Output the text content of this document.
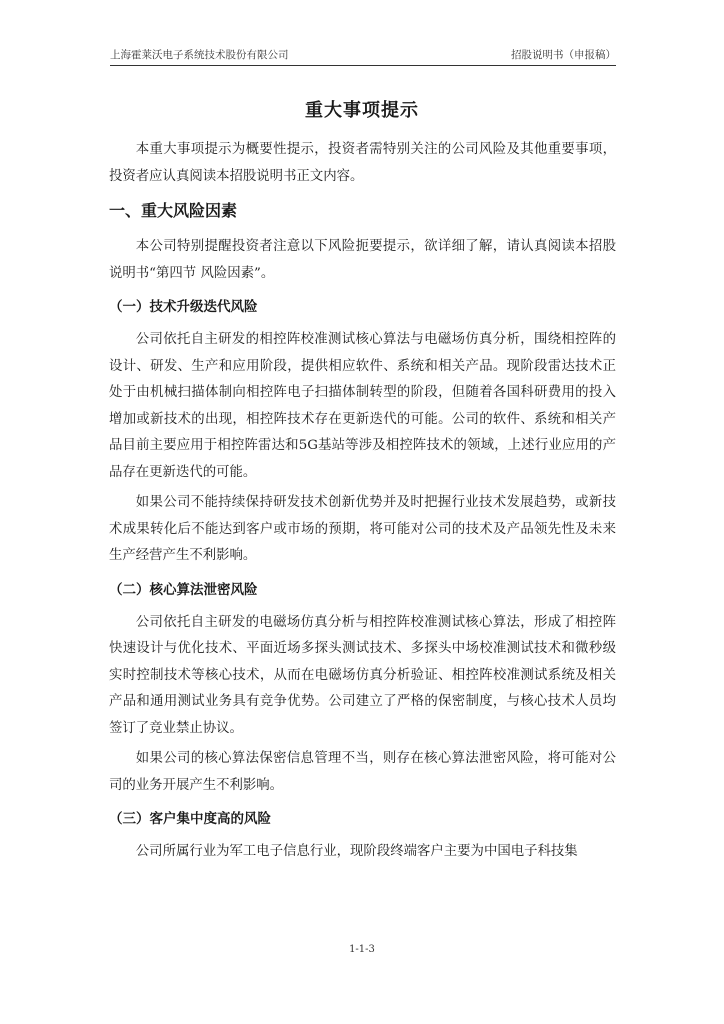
上海霍莱沃电子系统技术股份有限公司	招股说明书（申报稿）
重大事项提示

本重大事项提示为概要性提示，投资者需特别关注的公司风险及其他重要事项，投资者应认真阅读本招股说明书正文内容。

一、重大风险因素

本公司特别提醒投资者注意以下风险扼要提示，欲详细了解，请认真阅读本招股说明书“第四节 风险因素”。

（一）技术升级迭代风险

公司依托自主研发的相控阵校准测试核心算法与电磁场仿真分析，围绕相控阵的设计、研发、生产和应用阶段，提供相应软件、系统和相关产品。现阶段雷达技术正处于由机械扫描体制向相控阵电子扫描体制转型的阶段，但随着各国科研费用的投入增加或新技术的出现，相控阵技术存在更新迭代的可能。公司的软件、系统和相关产品目前主要应用于相控阵雷达和5G基站等涉及相控阵技术的领域，上述行业应用的产品存在更新迭代的可能。

如果公司不能持续保持研发技术创新优势并及时把握行业技术发展趋势，或新技术成果转化后不能达到客户或市场的预期，将可能对公司的技术及产品领先性及未来生产经营产生不利影响。

（二）核心算法泄密风险

公司依托自主研发的电磁场仿真分析与相控阵校准测试核心算法，形成了相控阵快速设计与优化技术、平面近场多探头测试技术、多探头中场校准测试技术和微秒级实时控制技术等核心技术，从而在电磁场仿真分析验证、相控阵校准测试系统及相关产品和通用测试业务具有竞争优势。公司建立了严格的保密制度，与核心技术人员均签订了竞业禁止协议。

如果公司的核心算法保密信息管理不当，则存在核心算法泄密风险，将可能对公司的业务开展产生不利影响。

（三）客户集中度高的风险

公司所属行业为军工电子信息行业，现阶段终端客户主要为中国电子科技集

1-1-3
